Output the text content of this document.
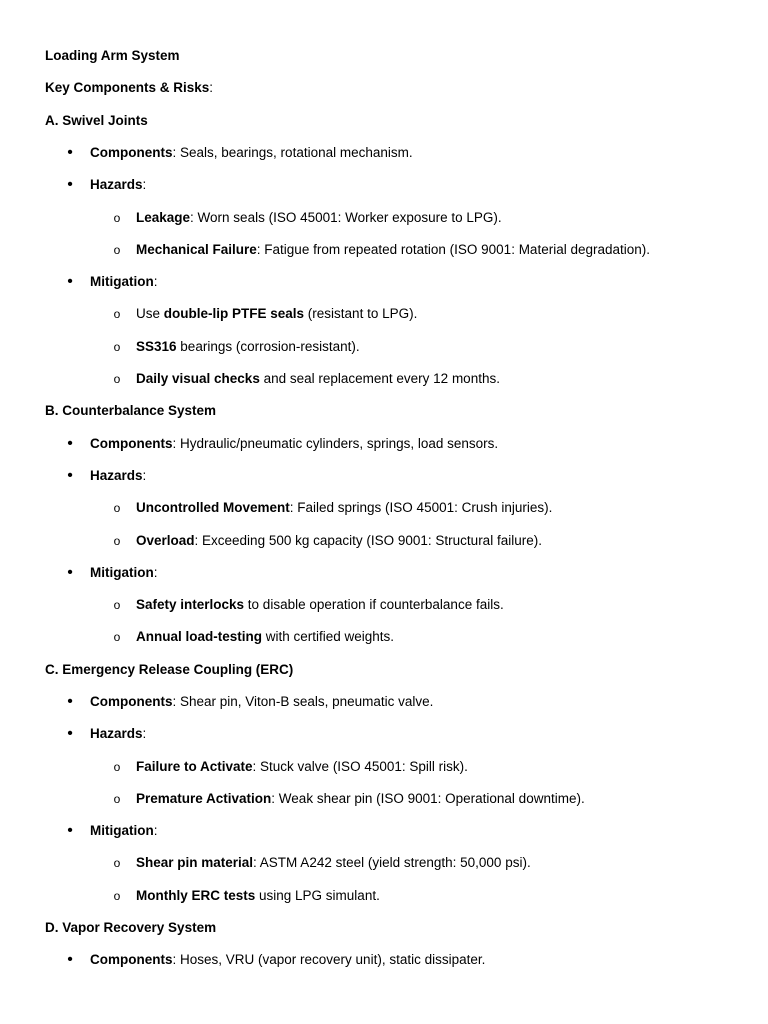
Loading Arm System
Key Components & Risks:
A. Swivel Joints
• Components: Seals, bearings, rotational mechanism.
• Hazards:
o Leakage: Worn seals (ISO 45001: Worker exposure to LPG).
o Mechanical Failure: Fatigue from repeated rotation (ISO 9001: Material degradation).
• Mitigation:
o Use double-lip PTFE seals (resistant to LPG).
o SS316 bearings (corrosion-resistant).
o Daily visual checks and seal replacement every 12 months.
B. Counterbalance System
• Components: Hydraulic/pneumatic cylinders, springs, load sensors.
• Hazards:
o Uncontrolled Movement: Failed springs (ISO 45001: Crush injuries).
o Overload: Exceeding 500 kg capacity (ISO 9001: Structural failure).
• Mitigation:
o Safety interlocks to disable operation if counterbalance fails.
o Annual load-testing with certified weights.
C. Emergency Release Coupling (ERC)
• Components: Shear pin, Viton-B seals, pneumatic valve.
• Hazards:
o Failure to Activate: Stuck valve (ISO 45001: Spill risk).
o Premature Activation: Weak shear pin (ISO 9001: Operational downtime).
• Mitigation:
o Shear pin material: ASTM A242 steel (yield strength: 50,000 psi).
o Monthly ERC tests using LPG simulant.
D. Vapor Recovery System
• Components: Hoses, VRU (vapor recovery unit), static dissipater.
